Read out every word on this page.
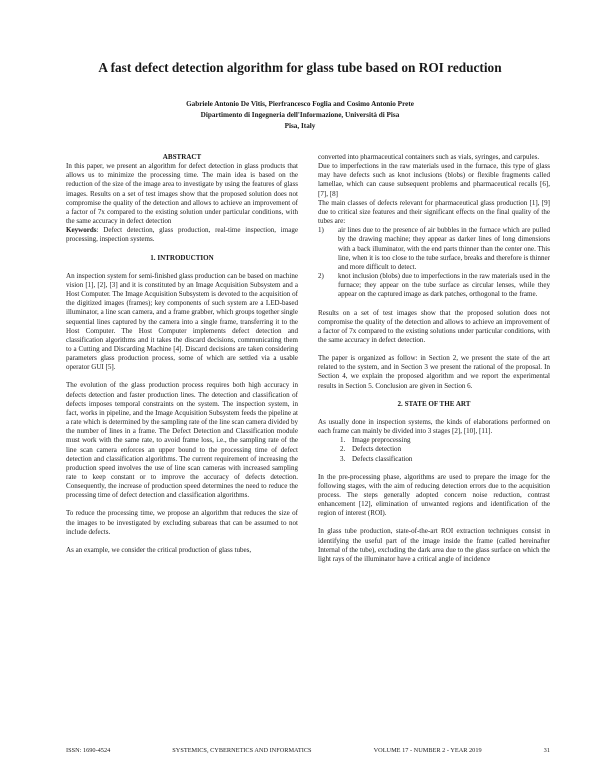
A fast defect detection algorithm for glass tube based on ROI reduction
Gabriele Antonio De Vitis, Pierfrancesco Foglia and Cosimo Antonio Prete
Dipartimento di Ingegneria dell'Informazione, Università di Pisa
Pisa, Italy
ABSTRACT

In this paper, we present an algorithm for defect detection in glass products that allows us to minimize the processing time. The main idea is based on the reduction of the size of the image area to investigate by using the features of glass images. Results on a set of test images show that the proposed solution does not compromise the quality of the detection and allows to achieve an improvement of a factor of 7x compared to the existing solution under particular conditions, with the same accuracy in defect detection

Keywords: Defect detection, glass production, real-time inspection, image processing, inspection systems.

1. INTRODUCTION

An inspection system for semi-finished glass production can be based on machine vision [1], [2], [3] and it is constituted by an Image Acquisition Subsystem and a Host Computer. The Image Acquisition Subsystem is devoted to the acquisition of the digitized images (frames); key components of such system are a LED-based illuminator, a line scan camera, and a frame grabber, which groups together single sequential lines captured by the camera into a single frame, transferring it to the Host Computer. The Host Computer implements defect detection and classification algorithms and it takes the discard decisions, communicating them to a Cutting and Discarding Machine [4]. Discard decisions are taken considering parameters glass production process, some of which are settled via a usable operator GUI [5].

The evolution of the glass production process requires both high accuracy in defects detection and faster production lines. The detection and classification of defects imposes temporal constraints on the system. The inspection system, in fact, works in pipeline, and the Image Acquisition Subsystem feeds the pipeline at a rate which is determined by the sampling rate of the line scan camera divided by the number of lines in a frame. The Defect Detection and Classification module must work with the same rate, to avoid frame loss, i.e., the sampling rate of the line scan camera enforces an upper bound to the processing time of defect detection and classification algorithms. The current requirement of increasing the production speed involves the use of line scan cameras with increased sampling rate to keep constant or to improve the accuracy of defects detection. Consequently, the increase of production speed determines the need to reduce the processing time of defect detection and classification algorithms.

To reduce the processing time, we propose an algorithm that reduces the size of the images to be investigated by excluding subareas that can be assumed to not include defects.

As an example, we consider the critical production of glass tubes,

converted into pharmaceutical containers such as vials, syringes, and carpules.

Due to imperfections in the raw materials used in the furnace, this type of glass may have defects such as knot inclusions (blobs) or flexible fragments called lamellae, which can cause subsequent problems and pharmaceutical recalls [6], [7], [8]

The main classes of defects relevant for pharmaceutical glass production [1], [9] due to critical size features and their significant effects on the final quality of the tubes are:

1) air lines due to the presence of air bubbles in the furnace which are pulled by the drawing machine; they appear as darker lines of long dimensions with a back illuminator, with the end parts thinner than the center one. This line, when it is too close to the tube surface, breaks and therefore is thinner and more difficult to detect.
2) knot inclusion (blobs) due to imperfections in the raw materials used in the furnace; they appear on the tube surface as circular lenses, while they appear on the captured image as dark patches, orthogonal to the frame.

Results on a set of test images show that the proposed solution does not compromise the quality of the detection and allows to achieve an improvement of a factor of 7x compared to the existing solutions under particular conditions, with the same accuracy in defect detection.

The paper is organized as follow: in Section 2, we present the state of the art related to the system, and in Section 3 we present the rational of the proposal. In Section 4, we explain the proposed algorithm and we report the experimental results in Section 5. Conclusion are given in Section 6.

2. STATE OF THE ART

As usually done in inspection systems, the kinds of elaborations performed on each frame can mainly be divided into 3 stages [2], [10], [11].

1. Image preprocessing
2. Defects detection
3. Defects classification

In the pre-processing phase, algorithms are used to prepare the image for the following stages, with the aim of reducing detection errors due to the acquisition process. The steps generally adopted concern noise reduction, contrast enhancement [12], elimination of unwanted regions and identification of the region of interest (ROI).

In glass tube production, state-of-the-art ROI extraction techniques consist in identifying the useful part of the image inside the frame (called hereinafter Internal of the tube), excluding the dark area due to the glass surface on which the light rays of the illuminator have a critical angle of incidence

ISSN: 1690-4524	SYSTEMICS, CYBERNETICS AND INFORMATICS	VOLUME 17 - NUMBER 2 - YEAR 2019	31
